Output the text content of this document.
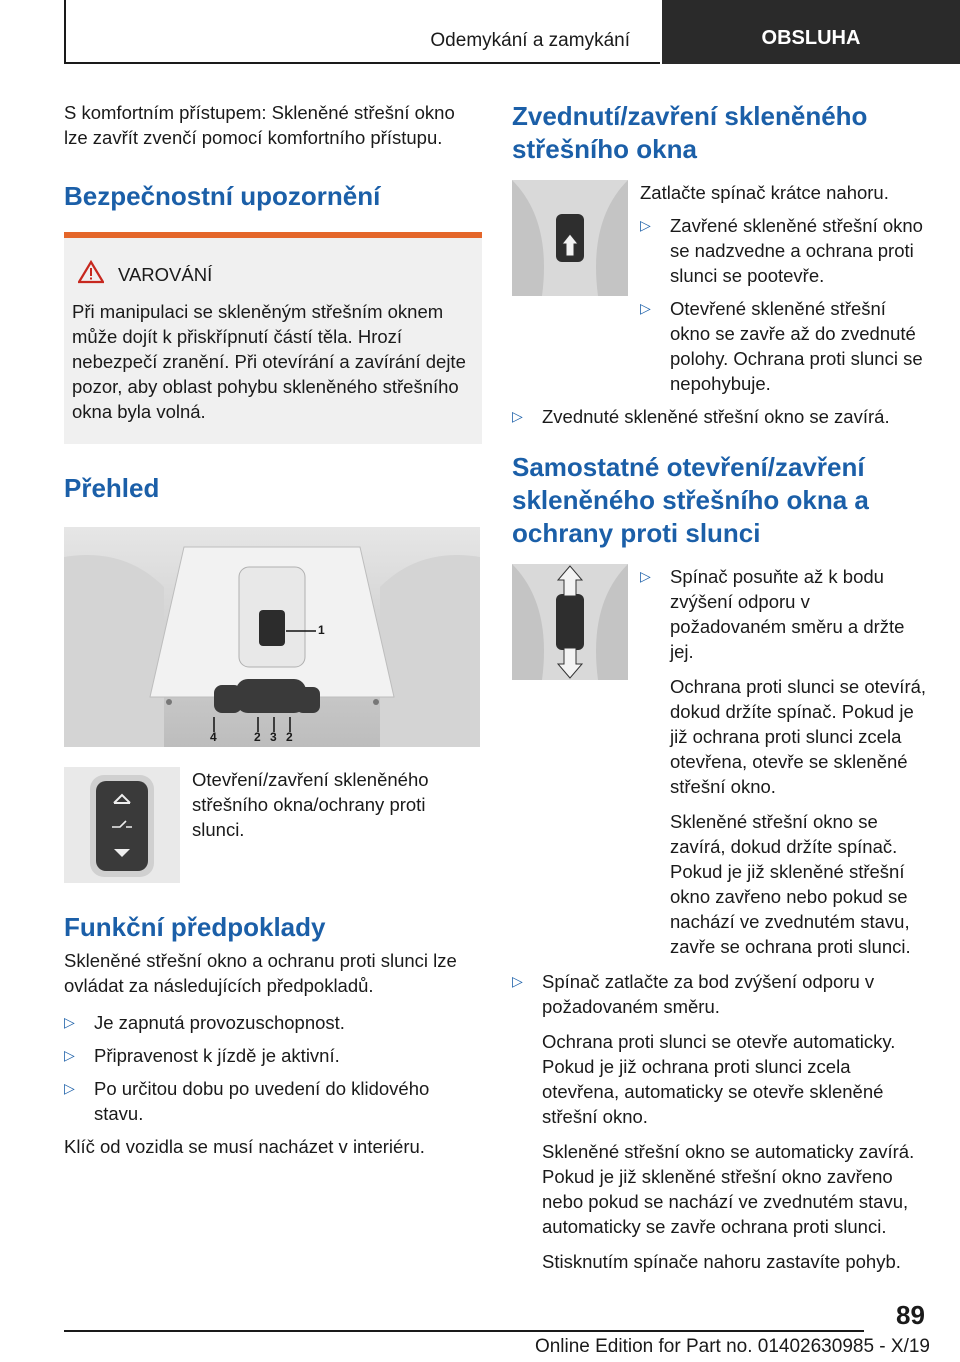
Odemykání a zamykání	OBSLUHA

S komfortním přístupem: Skleněné střešní okno lze zavřít zvenčí pomocí komfortního přístupu.

Bezpečnostní upozornění
VAROVÁNÍ

Při manipulaci se skleněným střešním oknem může dojít k přiskřípnutí částí těla. Hrozí nebezpečí zranění. Při otevírání a zavírání dejte pozor, aby oblast pohybu skleněného střešního okna byla volná.

Přehled
1
4	2 3 2

Otevření/zavření skleněného střešního okna/ochrany proti slunci.

Funkční předpoklady

Skleněné střešní okno a ochranu proti slunci lze ovládat za následujících předpokladů.

▷ Je zapnutá provozuschopnost.
▷ Připravenost k jízdě je aktivní.
▷ Po určitou dobu po uvedení do klidového stavu.

Klíč od vozidla se musí nacházet v interiéru.

Zvednutí/zavření skleněného střešního okna

Zatlačte spínač krátce nahoru.

▷ Zavřené skleněné střešní okno se nadzvedne a ochrana proti slunci se pootevře.
▷ Otevřené skleněné střešní okno se zavře až do zvednuté polohy. Ochrana proti slunci se nepohybuje.
▷ Zvednuté skleněné střešní okno se zavírá.
Samostatné otevření/zavření skleněného střešního okna a ochrany proti slunci
▷ Spínač posuňte až k bodu zvýšení odporu v požadovaném směru a držte jej.

Ochrana proti slunci se otevírá, dokud držíte spínač. Pokud je již ochrana proti slunci zcela otevřena, otevře se skleněné střešní okno.

Skleněné střešní okno se zavírá, dokud držíte spínač. Pokud je již skleněné střešní okno zavřeno nebo pokud se nachází ve zvednutém stavu, zavře se ochrana proti slunci.

▷ Spínač zatlačte za bod zvýšení odporu v požadovaném směru.

Ochrana proti slunci se otevře automaticky. Pokud je již ochrana proti slunci zcela otevřena, automaticky se otevře skleněné střešní okno.

Skleněné střešní okno se automaticky zavírá. Pokud je již skleněné střešní okno zavřeno nebo pokud se nachází ve zvednutém stavu, automaticky se zavře ochrana proti slunci.

Stisknutím spínače nahoru zastavíte pohyb.

89
Online Edition for Part no. 01402630985 - X/19
